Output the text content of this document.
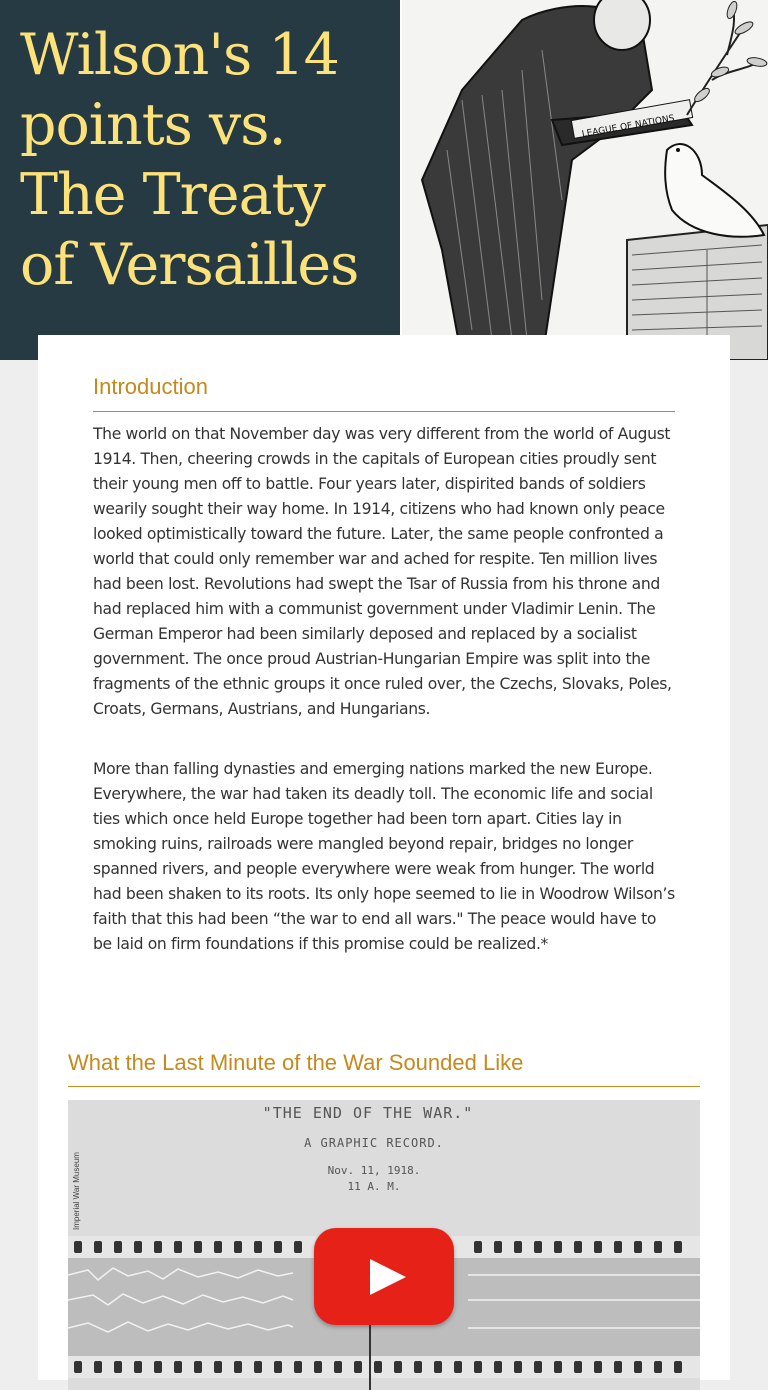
Wilson's 14 points vs. The Treaty of Versailles
LEAGUE OF NATIONS
Introduction

The world on that November day was very different from the world of August 1914. Then, cheering crowds in the capitals of European cities proudly sent their young men off to battle. Four years later, dispirited bands of soldiers wearily sought their way home. In 1914, citizens who had known only peace looked optimistically toward the future. Later, the same people confronted a world that could only remember war and ached for respite. Ten million lives had been lost. Revolutions had swept the Tsar of Russia from his throne and had replaced him with a communist government under Vladimir Lenin. The German Emperor had been similarly deposed and replaced by a socialist government. The once proud Austrian-Hungarian Empire was split into the fragments of the ethnic groups it once ruled over, the Czechs, Slovaks, Poles, Croats, Germans, Austrians, and Hungarians.

More than falling dynasties and emerging nations marked the new Europe. Everywhere, the war had taken its deadly toll. The economic life and social ties which once held Europe together had been torn apart. Cities lay in smoking ruins, railroads were mangled beyond repair, bridges no longer spanned rivers, and people everywhere were weak from hunger. The world had been shaken to its roots. Its only hope seemed to lie in Woodrow Wilson’s faith that this had been “the war to end all wars." The peace would have to be laid on firm foundations if this promise could be realized.*

What the Last Minute of the War Sounded Like
"THE END OF THE WAR."
A GRAPHIC RECORD.
Nov. 11, 1918.
11 A. M.
Imperial War Museum
